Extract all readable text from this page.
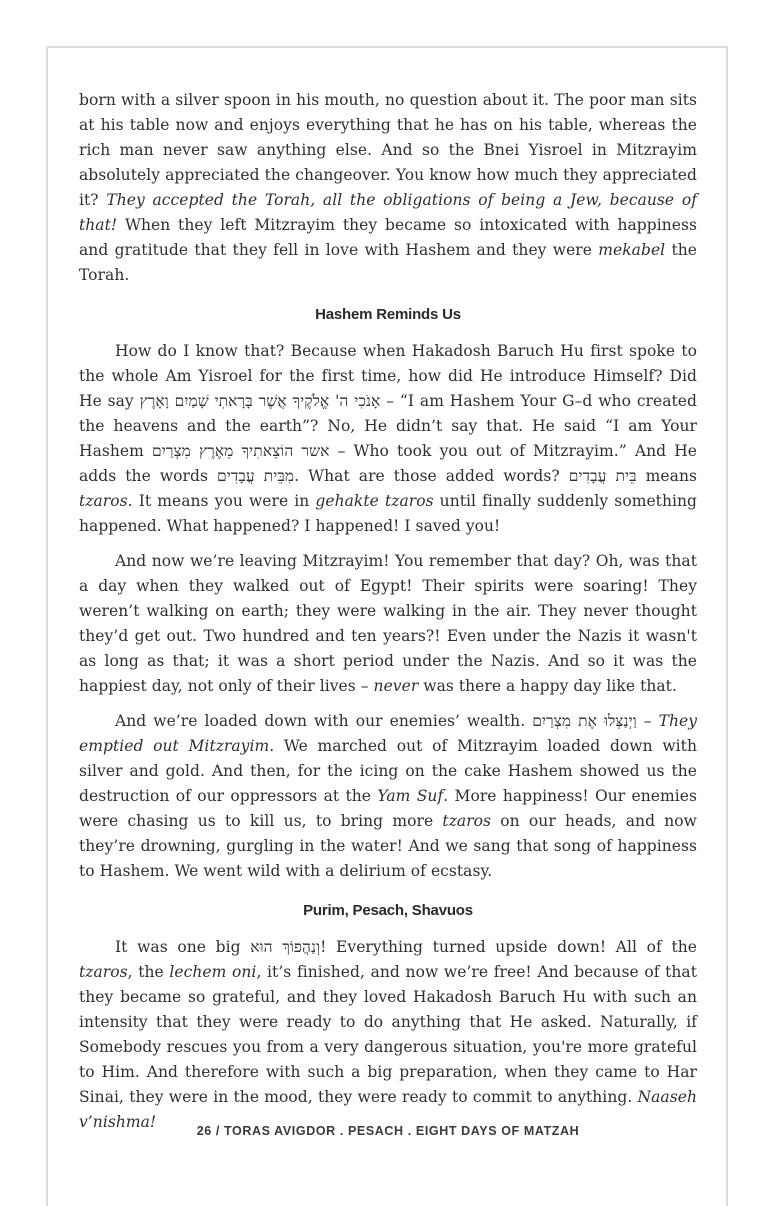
born with a silver spoon in his mouth, no question about it. The poor man sits at his table now and enjoys everything that he has on his table, whereas the rich man never saw anything else. And so the Bnei Yisroel in Mitzrayim absolutely appreciated the changeover. You know how much they appreciated it? They accepted the Torah, all the obligations of being a Jew, because of that! When they left Mitzrayim they became so intoxicated with happiness and gratitude that they fell in love with Hashem and they were mekabel the Torah.

Hashem Reminds Us

How do I know that? Because when Hakadosh Baruch Hu first spoke to the whole Am Yisroel for the first time, how did He introduce Himself? Did He say אָנֹכִי ה' אֱלֹקֶיךָ אֲשֶׁר בָּרָאתִי שָׁמַיִם וָאָרֶץ – “I am Hashem Your G–d who created the heavens and the earth”? No, He didn’t say that. He said “I am Your Hashem אשר הוֹצֵאתִיךָ מֵאֶרֶץ מִצְרַיִם – Who took you out of Mitzrayim.” And He adds the words מִבֵּית עֲבָדִים. What are those added words? בֵּית עֲבָדִים means tzaros. It means you were in gehakte tzaros until finally suddenly something happened. What happened? I happened! I saved you!

And now we’re leaving Mitzrayim! You remember that day? Oh, was that a day when they walked out of Egypt! Their spirits were soaring! They weren’t walking on earth; they were walking in the air. They never thought they’d get out. Two hundred and ten years?! Even under the Nazis it wasn't as long as that; it was a short period under the Nazis. And so it was the happiest day, not only of their lives – never was there a happy day like that.

And we’re loaded down with our enemies’ wealth. וַיְנַצְּלוּ אֶת מִצְרַיִם – They emptied out Mitzrayim. We marched out of Mitzrayim loaded down with silver and gold. And then, for the icing on the cake Hashem showed us the destruction of our oppressors at the Yam Suf. More happiness! Our enemies were chasing us to kill us, to bring more tzaros on our heads, and now they’re drowning, gurgling in the water! And we sang that song of happiness to Hashem. We went wild with a delirium of ecstasy.

Purim, Pesach, Shavuos

It was one big וְנַהֲפוֹךְ הוּא! Everything turned upside down! All of the tzaros, the lechem oni, it’s finished, and now we’re free! And because of that they became so grateful, and they loved Hakadosh Baruch Hu with such an intensity that they were ready to do anything that He asked. Naturally, if Somebody rescues you from a very dangerous situation, you're more grateful to Him. And therefore with such a big preparation, when they came to Har Sinai, they were in the mood, they were ready to commit to anything. Naaseh v’nishma!	26 / TORAS AVIGDOR . PESACH . EIGHT DAYS OF MATZAH
